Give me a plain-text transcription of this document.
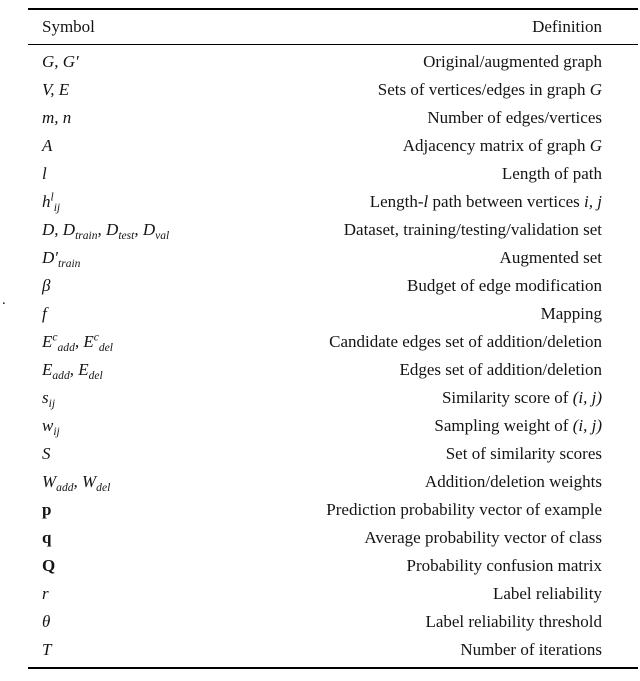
.
Symbol	Definition
G, G′	Original/augmented graph
V, E	Sets of vertices/edges in graph G
m, n	Number of edges/vertices
A	Adjacency matrix of graph G
l	Length of path
$h^l_{ij}$	Length-l path between vertices i, j
D, $D_{train}$, $D_{test}$, $D_{val}$	Dataset, training/testing/validation set
$D'_{train}$	Augmented set
β	Budget of edge modification
f	Mapping
$E^c_{add}$, $E^c_{del}$	Candidate edges set of addition/deletion
$E_{add}$, $E_{del}$	Edges set of addition/deletion
$s_{ij}$	Similarity score of (i, j)
$w_{ij}$	Sampling weight of (i, j)
S	Set of similarity scores
$W_{add}$, $W_{del}$	Addition/deletion weights
p	Prediction probability vector of example
q	Average probability vector of class
Q	Probability confusion matrix
r	Label reliability
θ	Label reliability threshold
T	Number of iterations
